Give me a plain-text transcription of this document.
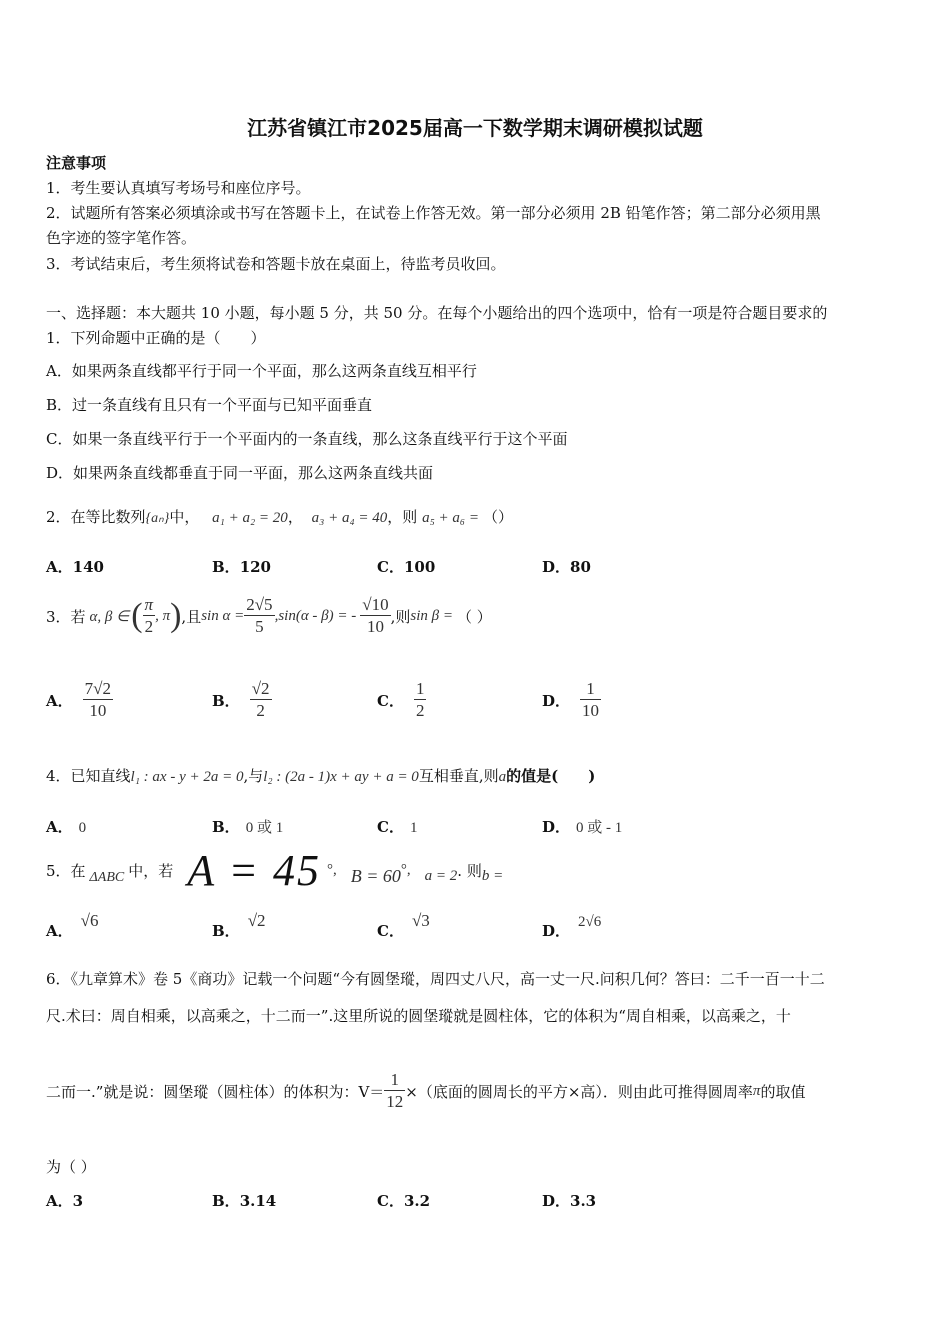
江苏省镇江市2025届高一下数学期末调研模拟试题
注意事项
1．考生要认真填写考场号和座位序号。
2．试题所有答案必须填涂或书写在答题卡上，在试卷上作答无效。第一部分必须用 2B 铅笔作答；第二部分必须用黑
色字迹的签字笔作答。
3．考试结束后，考生须将试卷和答题卡放在桌面上，待监考员收回。
一、选择题：本大题共 10 小题，每小题 5 分，共 50 分。在每个小题给出的四个选项中，恰有一项是符合题目要求的
1．下列命题中正确的是（　　）
A．如果两条直线都平行于同一个平面，那么这两条直线互相平行
B．过一条直线有且只有一个平面与已知平面垂直
C．如果一条直线平行于一个平面内的一条直线，那么这条直线平行于这个平面
D．如果两条直线都垂直于同一平面，那么这两条直线共面
2．在等比数列{aₙ}中， a₁ + a₂ = 20， a₃ + a₄ = 40，则 a₅ + a₆ = （）
A．140	B．120	C．100	D．80
3．若 α, β ∈ ( $\frac{\pi}{2}$ , π ) ,且 $\sin \alpha = \frac{2√5}{5} ,\sin(\alpha - \beta)$ = - $\frac{√10}{10}$ ,则 sin β = （ ）
A． $\frac{7√2}{10}$	B． $\frac{√2}{2}$	C． $\frac{1}{2}$	D． $\frac{1}{10}$
4．已知直线l₁ : ax - y + 2a = 0,与l₂ : (2a - 1)x + ay + a = 0互相垂直,则a的值是(　　)
A． 0	B． 0 或 1	C． 1	D． 0 或 - 1
5．在 ΔABC 中，若 A = 45 °, B = 60 °, a = 2 . 则 b =
A．√6
B．√2
C．√3
D． 2√6
6．《九章算术》卷 5《商功》记载一个问题“今有圆堡瑽，周四丈八尺，高一丈一尺.问积几何？答曰：二千一百一十二
尺.术曰：周自相乘，以高乘之，十二而一”.这里所说的圆堡瑽就是圆柱体，它的体积为“周自相乘，以高乘之，十
二而一.”就是说：圆堡瑽（圆柱体）的体积为：$V= \frac{1}{12}$ ×（底面的圆周长的平方×高）．则由此可推得圆周率 π 的取值
为（ ）
A．3	B．3.14	C．3.2	D．3.3
